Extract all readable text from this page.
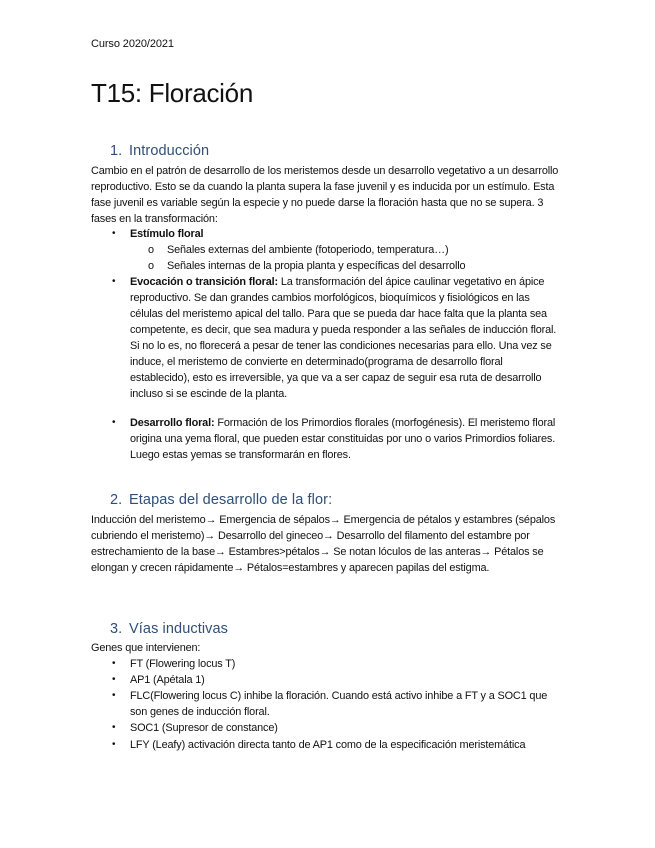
Curso 2020/2021
T15: Floración
1. Introducción

Cambio en el patrón de desarrollo de los meristemos desde un desarrollo vegetativo a un desarrollo reproductivo. Esto se da cuando la planta supera la fase juvenil y es inducida por un estímulo. Esta fase juvenil es variable según la especie y no puede darse la floración hasta que no se supera. 3 fases en la transformación:

• Estímulo floral
o Señales externas del ambiente (fotoperiodo, temperatura…)
o Señales internas de la propia planta y específicas del desarrollo
• Evocación o transición floral: La transformación del ápice caulinar vegetativo en ápice reproductivo. Se dan grandes cambios morfológicos, bioquímicos y fisiológicos en las células del meristemo apical del tallo. Para que se pueda dar hace falta que la planta sea competente, es decir, que sea madura y pueda responder a las señales de inducción floral. Si no lo es, no florecerá a pesar de tener las condiciones necesarias para ello. Una vez se induce, el meristemo de convierte en determinado(programa de desarrollo floral establecido), esto es irreversible, ya que va a ser capaz de seguir esa ruta de desarrollo incluso si se escinde de la planta.
• Desarrollo floral: Formación de los Primordios florales (morfogénesis). El meristemo floral origina una yema floral, que pueden estar constituidas por uno o varios Primordios foliares. Luego estas yemas se transformarán en flores.
2. Etapas del desarrollo de la flor:

Inducción del meristemo→ Emergencia de sépalos→ Emergencia de pétalos y estambres (sépalos cubriendo el meristemo)→ Desarrollo del gineceo→ Desarrollo del filamento del estambre por estrechamiento de la base→ Estambres>pétalos→ Se notan lóculos de las anteras→ Pétalos se elongan y crecen rápidamente→ Pétalos=estambres y aparecen papilas del estigma.

3. Vías inductivas

Genes que intervienen:

• FT (Flowering locus T)
• AP1 (Apétala 1)
• FLC(Flowering locus C) inhibe la floración. Cuando está activo inhibe a FT y a SOC1 que son genes de inducción floral.
• SOC1 (Supresor de constance)
• LFY (Leafy) activación directa tanto de AP1 como de la especificación meristemática
